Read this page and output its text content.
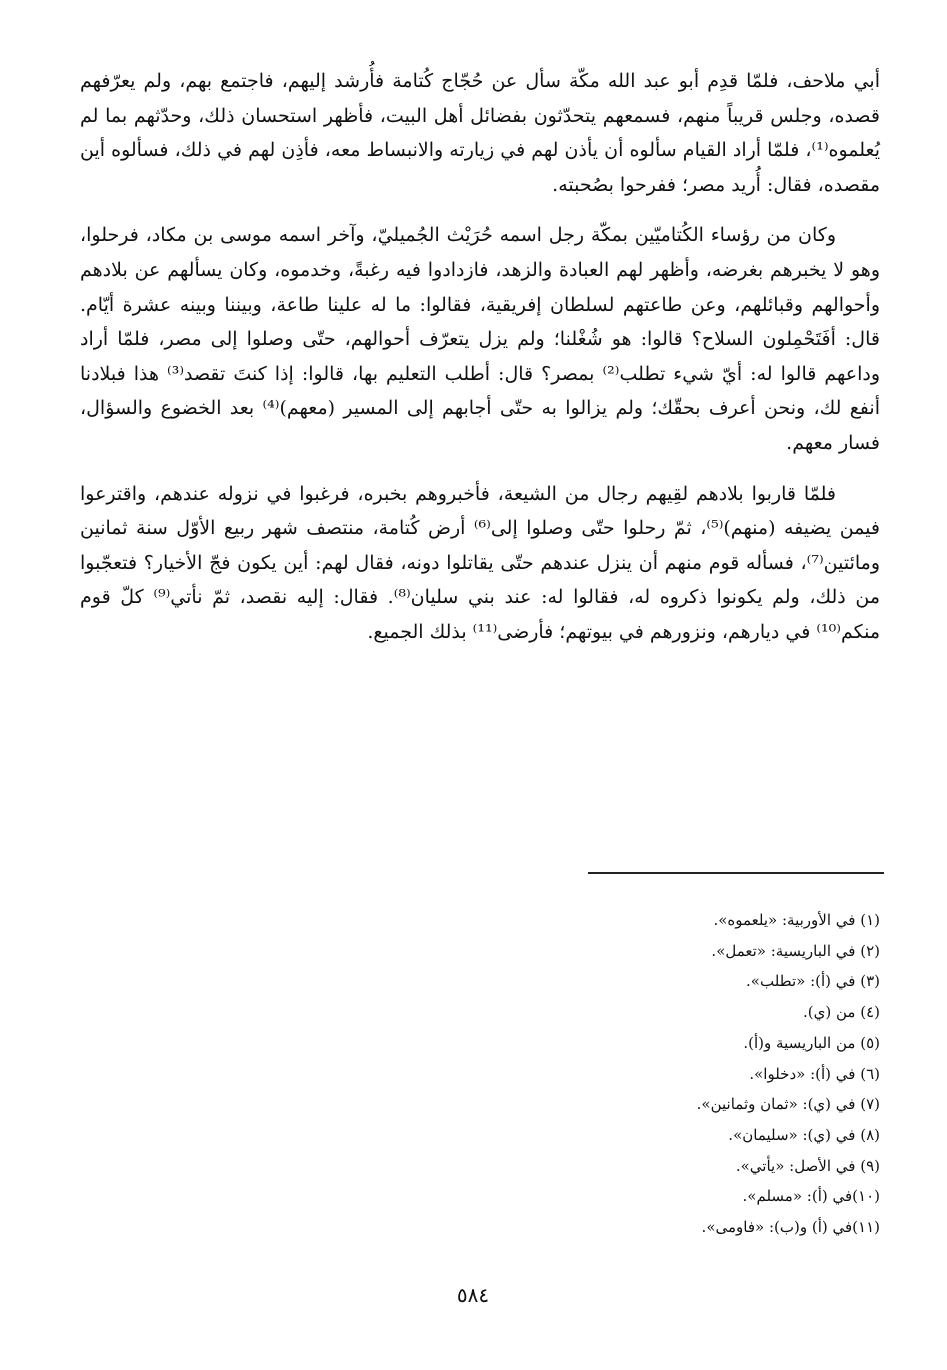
أبي ملاحف، فلمّا قدِم أبو عبد الله مكّة سأل عن حُجّاج كُتامة فأُرشد إليهم، فاجتمع بهم، ولم يعرّفهم قصده، وجلس قريباً منهم، فسمعهم يتحدّثون بفضائل أهل البيت، فأظهر استحسان ذلك، وحدّثهم بما لم يُعلموه⁽¹⁾، فلمّا أراد القيام سألوه أن يأذن لهم في زيارته والانبساط معه، فأذِن لهم في ذلك، فسألوه أين مقصده، فقال: أُريد مصر؛ ففرحوا بصُحبته.

وكان من رؤساء الكُتاميّين بمكّة رجل اسمه حُرَيْث الجُميليّ، وآخر اسمه موسى بن مكاد، فرحلوا، وهو لا يخبرهم بغرضه، وأظهر لهم العبادة والزهد، فازدادوا فيه رغبةً، وخدموه، وكان يسألهم عن بلادهم وأحوالهم وقبائلهم، وعن طاعتهم لسلطان إفريقية، فقالوا: ما له علينا طاعة، وبيننا وبينه عشرة أيّام. قال: أفَتَحْمِلون السلاح؟ قالوا: هو شُغْلنا؛ ولم يزل يتعرّف أحوالهم، حتّى وصلوا إلى مصر، فلمّا أراد وداعهم قالوا له: أيّ شيء تطلب⁽²⁾ بمصر؟ قال: أطلب التعليم بها، قالوا: إذا كنتَ تقصد⁽³⁾ هذا فبلادنا أنفع لك، ونحن أعرف بحقّك؛ ولم يزالوا به حتّى أجابهم إلى المسير (معهم)⁽⁴⁾ بعد الخضوع والسؤال، فسار معهم.

فلمّا قاربوا بلادهم لقِيهم رجال من الشيعة، فأخبروهم بخبره، فرغبوا في نزوله عندهم، واقترعوا فيمن يضيفه (منهم)⁽⁵⁾، ثمّ رحلوا حتّى وصلوا إلى⁽⁶⁾ أرض كُتامة، منتصف شهر ربيع الأوّل سنة ثمانين ومائتين⁽⁷⁾، فسأله قوم منهم أن ينزل عندهم حتّى يقاتلوا دونه، فقال لهم: أين يكون فجّ الأخيار؟ فتعجّبوا من ذلك، ولم يكونوا ذكروه له، فقالوا له: عند بني سليان⁽⁸⁾. فقال: إليه نقصد، ثمّ نأتي⁽⁹⁾ كلّ قوم منكم⁽¹⁰⁾ في ديارهم، ونزورهم في بيوتهم؛ فأرضى⁽¹¹⁾ بذلك الجميع.

(١) في الأوربية: «يلعموه».
(٢) في الباريسية: «تعمل».
(٣) في (أ): «تطلب».
(٤) من (ي).
(٥) من الباريسية و(أ).
(٦) في (أ): «دخلوا».
(٧) في (ي): «ثمان وثمانين».
(٨) في (ي): «سليمان».
(٩) في الأصل: «يأتي».
(١٠)في (أ): «مسلم».
(١١)في (أ) و(ب): «فاومى».
٥٨٤
